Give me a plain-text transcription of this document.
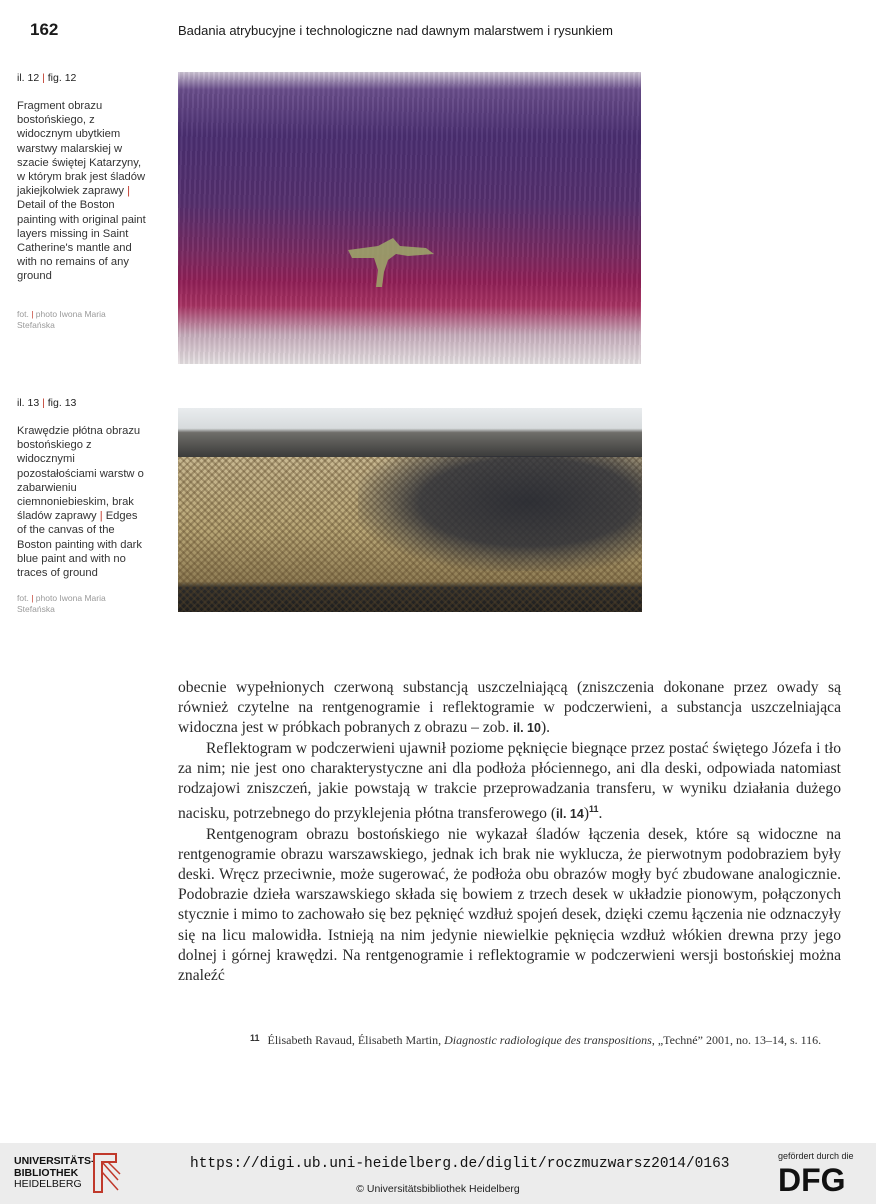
162	Badania atrybucyjne i technologiczne nad dawnym malarstwem i rysunkiem
il. 12 | fig. 12
Fragment obrazu bostońskiego, z widocznym ubytkiem warstwy malarskiej w szacie świętej Katarzyny, w którym brak jest śladów jakiejkolwiek zaprawy | Detail of the Boston painting with original paint layers missing in Saint Catherine's mantle and with no remains of any ground
fot. | photo Iwona Maria Stefańska
il. 13 | fig. 13
Krawędzie płótna obrazu bostońskiego z widocznymi pozostałościami warstw o zabarwieniu ciemnoniebieskim, brak śladów zaprawy | Edges of the canvas of the Boston painting with dark blue paint and with no traces of ground
fot. | photo Iwona Maria Stefańska

obecnie wypełnionych czerwoną substancją uszczelniającą (zniszczenia dokonane przez owady są również czytelne na rentgenogramie i reflektogramie w podczerwieni, a substancja uszczelniająca widoczna jest w próbkach pobranych z obrazu – zob. il. 10).

Reflektogram w podczerwieni ujawnił poziome pęknięcie biegnące przez postać świętego Józefa i tło za nim; nie jest ono charakterystyczne ani dla podłoża płóciennego, ani dla deski, odpowiada natomiast rodzajowi zniszczeń, jakie powstają w trakcie przeprowadzania transferu, w wyniku działania dużego nacisku, potrzebnego do przyklejenia płótna transferowego (il. 14)$^{11}$.

Rentgenogram obrazu bostońskiego nie wykazał śladów łączenia desek, które są widoczne na rentgenogramie obrazu warszawskiego, jednak ich brak nie wyklucza, że pierwotnym podobraziem były deski. Wręcz przeciwnie, może sugerować, że podłoża obu obrazów mogły być zbudowane analogicznie. Podobrazie dzieła warszawskiego składa się bowiem z trzech desek w układzie pionowym, połączonych stycznie i mimo to zachowało się bez pęknięć wzdłuż spojeń desek, dzięki czemu łączenia nie odznaczyły się na licu malowidła. Istnieją na nim jedynie niewielkie pęknięcia wzdłuż włókien drewna przy jego dolnej i górnej krawędzi. Na rentgenogramie i reflektogramie w podczerwieni wersji bostońskiej można znaleźć

$^{11}$ Élisabeth Ravaud, Élisabeth Martin, Diagnostic radiologique des transpositions, „Techné” 2001, no. 13–14, s. 116.
UNIVERSITÄTS-
BIBLIOTHEK
HEIDELBERG
https://digi.ub.uni-heidelberg.de/diglit/roczmuzwarsz2014/0163
© Universitätsbibliothek Heidelberg
gefördert durch die
DFG
